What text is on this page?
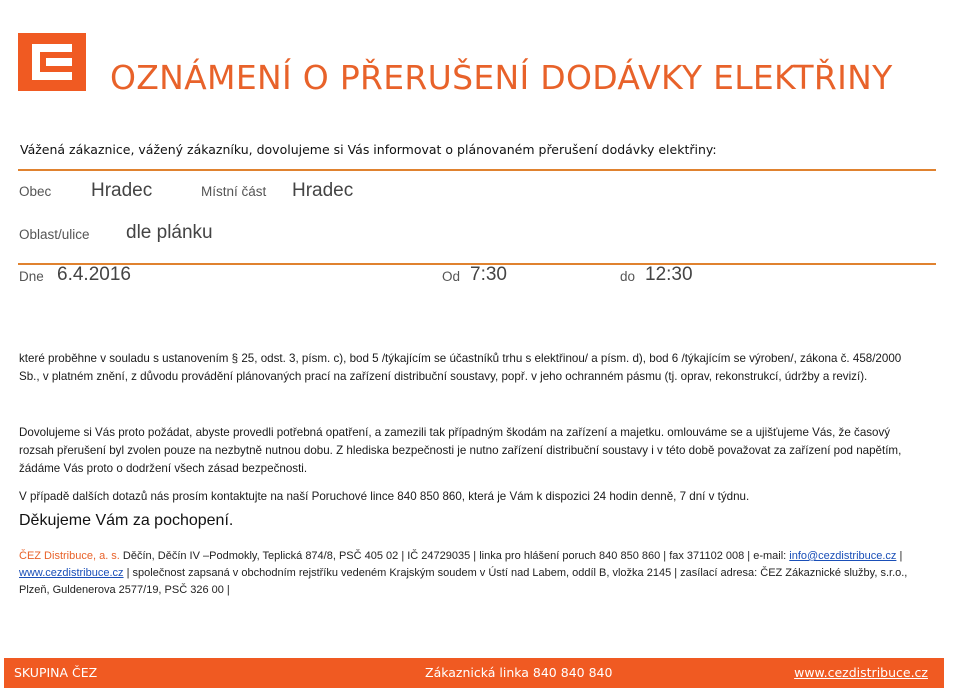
OZNÁMENÍ O PŘERUŠENÍ DODÁVKY ELEKTŘINY
Vážená zákaznice, vážený zákazníku, dovolujeme si Vás informovat o plánovaném přerušení dodávky elektřiny:
Obec Hradec	Místní část Hradec
Oblast/ulice dle plánku
Dne 6.4.2016	Od 7:30	do 12:30
které proběhne v souladu s ustanovením § 25, odst. 3, písm. c), bod 5 /týkajícím se účastníků trhu s elektřinou/ a písm. d), bod 6 /týkajícím se výroben/, zákona č. 458/2000 Sb., v platném znění, z důvodu provádění plánovaných prací na zařízení distribuční soustavy, popř. v jeho ochranném pásmu (tj. oprav, rekonstrukcí, údržby a revizí).
Dovolujeme si Vás proto požádat, abyste provedli potřebná opatření, a zamezili tak případným škodám na zařízení a majetku. omlouváme se a ujišťujeme Vás, že časový rozsah přerušení byl zvolen pouze na nezbytně nutnou dobu. Z hlediska bezpečnosti je nutno zařízení distribuční soustavy i v této době považovat za zařízení pod napětím, žádáme Vás proto o dodržení všech zásad bezpečnosti.
V případě dalších dotazů nás prosím kontaktujte na naší Poruchové lince 840 850 860, která je Vám k dispozici 24 hodin denně, 7 dní v týdnu.
Děkujeme Vám za pochopení.
ČEZ Distribuce, a. s. Děčín, Děčín IV –Podmokly, Teplická 874/8, PSČ 405 02 | IČ 24729035 | linka pro hlášení poruch 840 850 860 | fax 371102 008 | e-mail: info@cezdistribuce.cz | www.cezdistribuce.cz | společnost zapsaná v obchodním rejstříku vedeném Krajským soudem v Ústí nad Labem, oddíl B, vložka 2145 | zasílací adresa: ČEZ Zákaznické služby, s.r.o., Plzeň, Guldenerova 2577/19, PSČ 326 00 |
SKUPINA ČEZ	Zákaznická linka 840 840 840	www.cezdistribuce.cz
